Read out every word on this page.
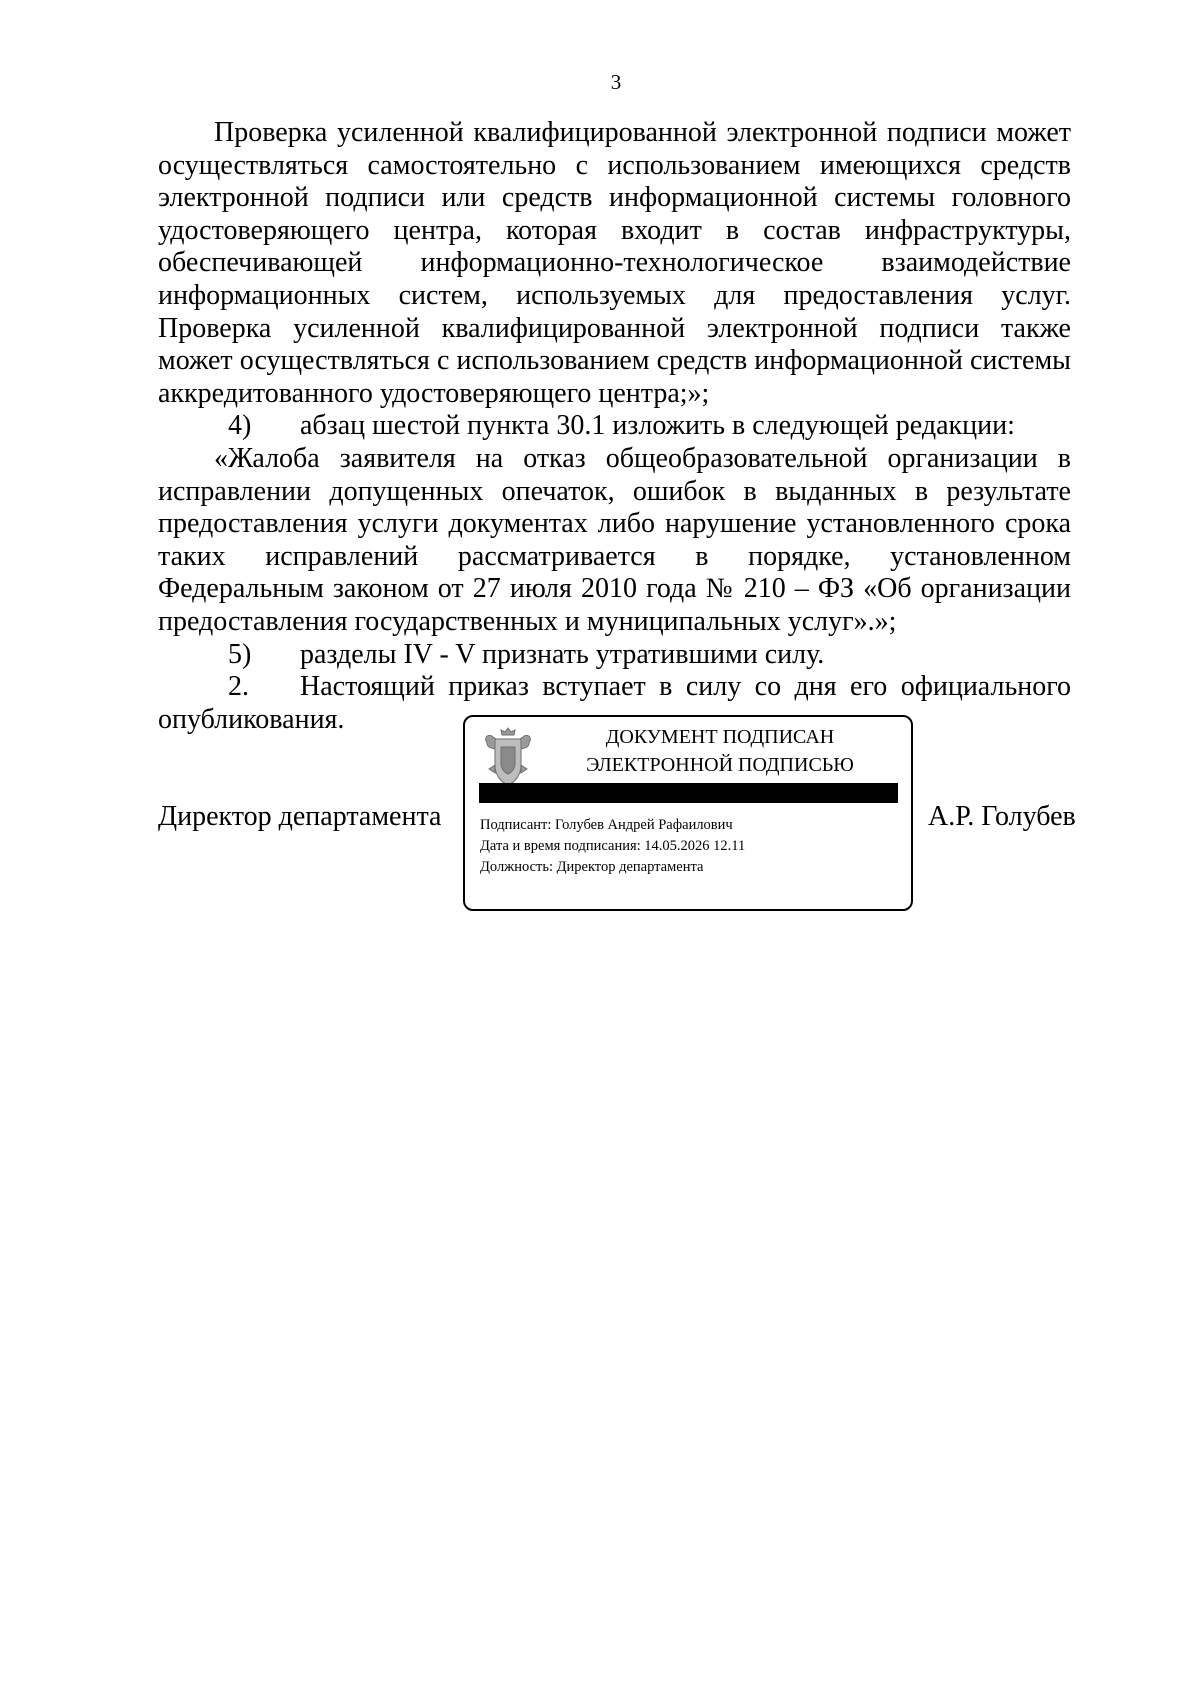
3

Проверка усиленной квалифицированной электронной подписи может осуществляться самостоятельно с использованием имеющихся средств электронной подписи или средств информационной системы головного удостоверяющего центра, которая входит в состав инфраструктуры, обеспечивающей информационно-технологическое взаимодействие информационных систем, используемых для предоставления услуг. Проверка усиленной квалифицированной электронной подписи также может осуществляться с использованием средств информационной системы аккредитованного удостоверяющего центра;»;

4) абзац шестой пункта 30.1 изложить в следующей редакции:

«Жалоба заявителя на отказ общеобразовательной организации в исправлении допущенных опечаток, ошибок в выданных в результате предоставления услуги документах либо нарушение установленного срока таких исправлений рассматривается в порядке, установленном Федеральным законом от 27 июля 2010 года № 210 – ФЗ «Об организации предоставления государственных и муниципальных услуг».»;

5) разделы IV - V признать утратившими силу.

2. Настоящий приказ вступает в силу со дня его официального опубликования.

Директор департамента
ДОКУМЕНТ ПОДПИСАН
ЭЛЕКТРОННОЙ ПОДПИСЬЮ
Подписант: Голубев Андрей Рафаилович
Дата и время подписания: 14.05.2026 12.11
Должность: Директор департамента
А.Р. Голубев
